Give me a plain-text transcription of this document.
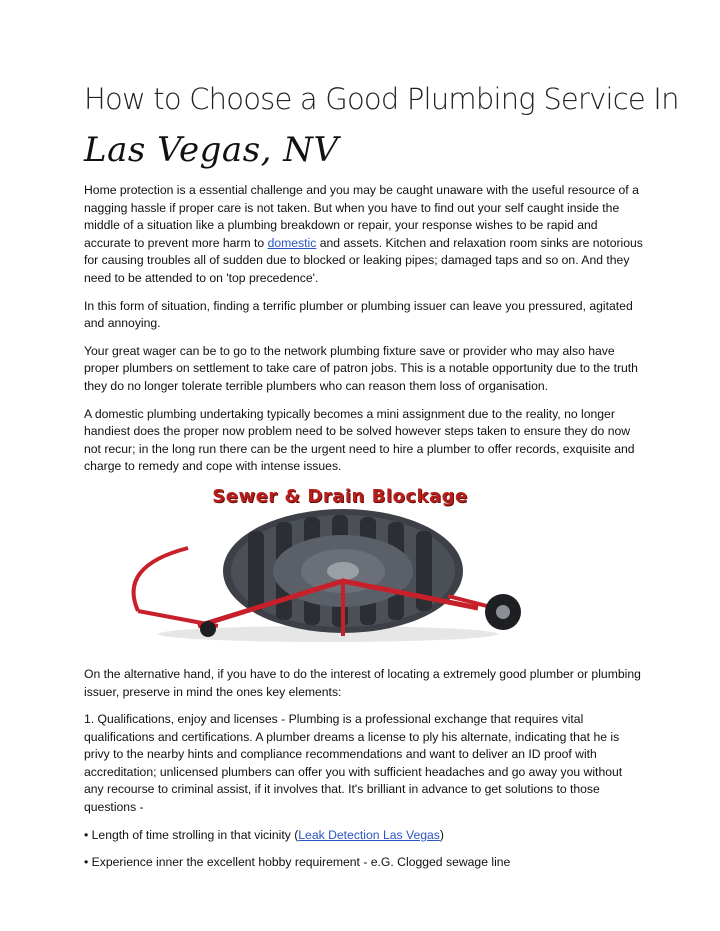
How to Choose a Good Plumbing Service In
Las Vegas, NV

Home protection is a essential challenge and you may be caught unaware with the useful resource of a nagging hassle if proper care is not taken. But when you have to find out your self caught inside the middle of a situation like a plumbing breakdown or repair, your response wishes to be rapid and accurate to prevent more harm to domestic and assets. Kitchen and relaxation room sinks are notorious for causing troubles all of sudden due to blocked or leaking pipes; damaged taps and so on. And they need to be attended to on 'top precedence'.

In this form of situation, finding a terrific plumber or plumbing issuer can leave you pressured, agitated and annoying.

Your great wager can be to go to the network plumbing fixture save or provider who may also have proper plumbers on settlement to take care of patron jobs. This is a notable opportunity due to the truth they do no longer tolerate terrible plumbers who can reason them loss of organisation.

A domestic plumbing undertaking typically becomes a mini assignment due to the reality, no longer handiest does the proper now problem need to be solved however steps taken to ensure they do now not recur; in the long run there can be the urgent need to hire a plumber to offer records, exquisite and charge to remedy and cope with intense issues.

Sewer & Drain Blockage

On the alternative hand, if you have to do the interest of locating a extremely good plumber or plumbing issuer, preserve in mind the ones key elements:

1. Qualifications, enjoy and licenses - Plumbing is a professional exchange that requires vital qualifications and certifications. A plumber dreams a license to ply his alternate, indicating that he is privy to the nearby hints and compliance recommendations and want to deliver an ID proof with accreditation; unlicensed plumbers can offer you with sufficient headaches and go away you without any recourse to criminal assist, if it involves that. It's brilliant in advance to get solutions to those questions -

• Length of time strolling in that vicinity (Leak Detection Las Vegas)

• Experience inner the excellent hobby requirement - e.G. Clogged sewage line
